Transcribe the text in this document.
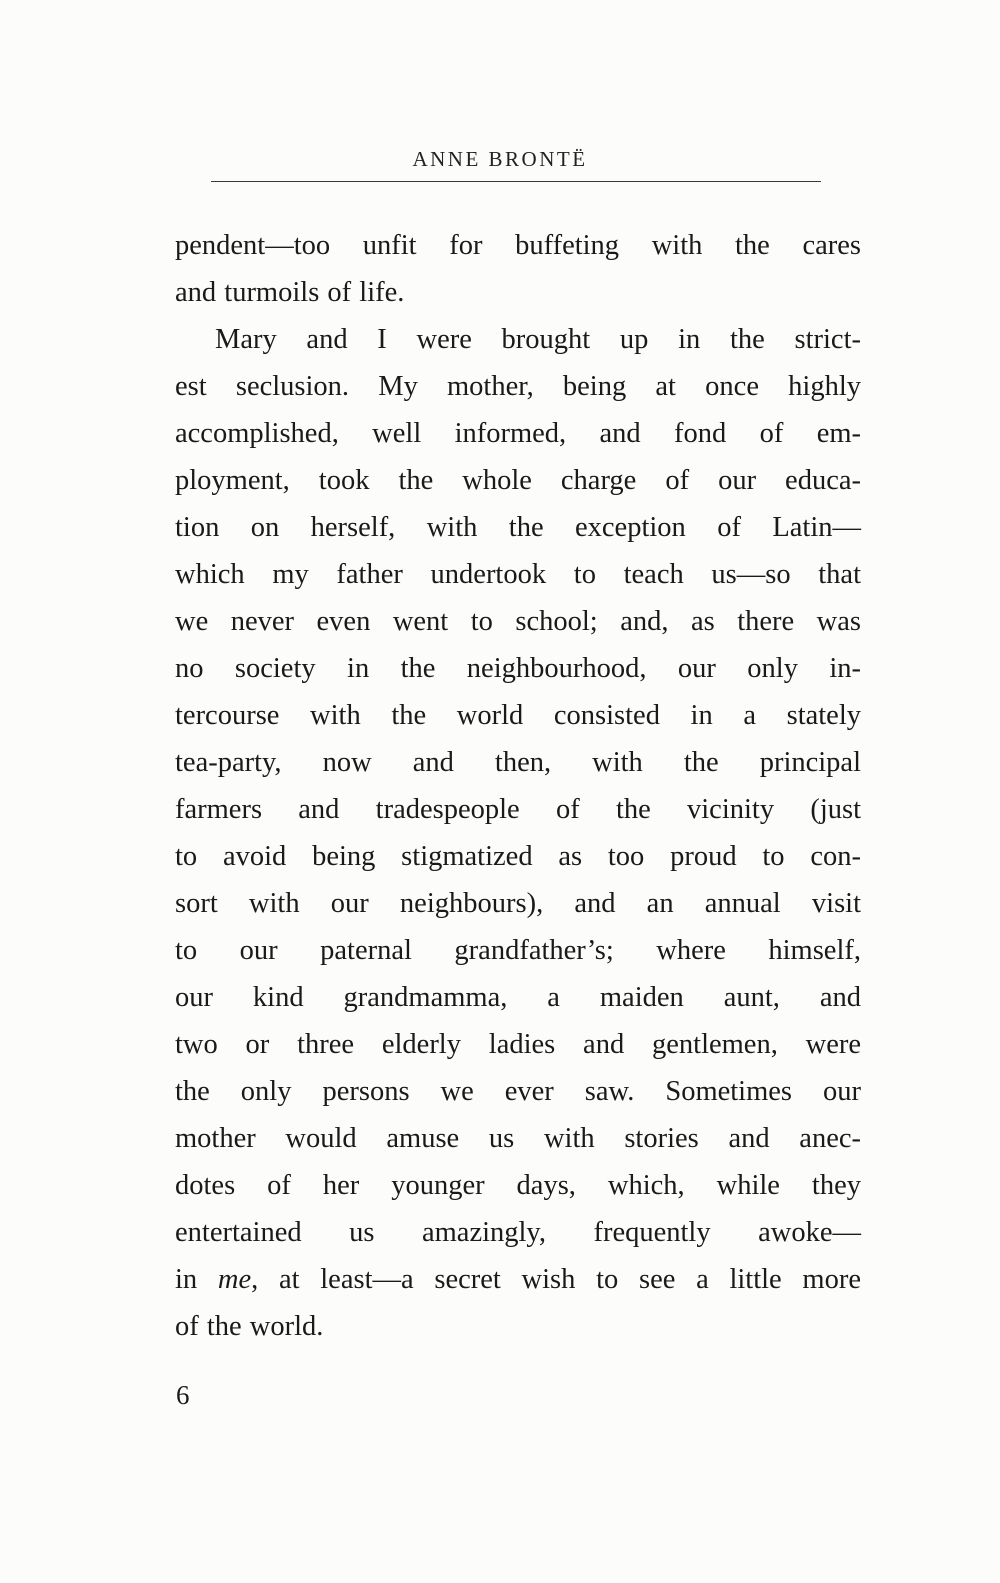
ANNE BRONTË
pendent—too unfit for buffeting with the cares
and turmoils of life.
Mary and I were brought up in the strict-
est seclusion. My mother, being at once highly
accomplished, well informed, and fond of em-
ployment, took the whole charge of our educa-
tion on herself, with the exception of Latin—
which my father undertook to teach us—so that
we never even went to school; and, as there was
no society in the neighbourhood, our only in-
tercourse with the world consisted in a stately
tea-party, now and then, with the principal
farmers and tradespeople of the vicinity (just
to avoid being stigmatized as too proud to con-
sort with our neighbours), and an annual visit
to our paternal grandfather’s; where himself,
our kind grandmamma, a maiden aunt, and
two or three elderly ladies and gentlemen, were
the only persons we ever saw. Sometimes our
mother would amuse us with stories and anec-
dotes of her younger days, which, while they
entertained us amazingly, frequently awoke—
in me, at least—a secret wish to see a little more
of the world.
6
